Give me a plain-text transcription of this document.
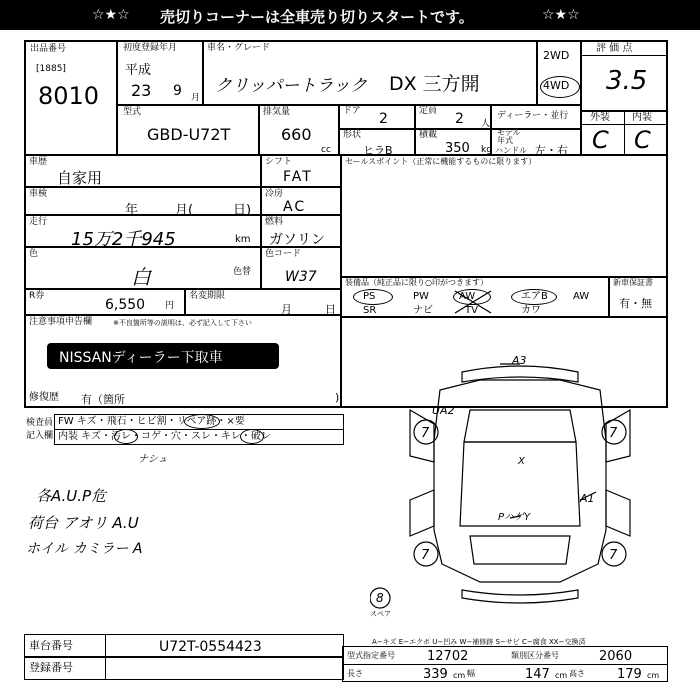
☆★☆ 売切りコーナーは全車売り切りスタートです。	☆★☆
出品番号
[1885]
8010
初度登録年月
平成
23 9 月
車名・グレード
クリッパートラック DX 三方開
2WD
4WD
評 価 点
3.5
型式
GBD-U72T
排気量
660
cc
ドア 2	定員 2 人
ディーラー・並行 外装 内装
C C
形状
ヒラB
積載
350 kg
モデル
年式
ハンドル 左・右
車歴
自家用
シフト
FAT
セールスポイント（正常に機能するものに限ります）
車検
年	月(	日)
冷房
AC
走行
15万2千945	km
燃料
ガソリン
色
白	色替
色コード
W37	装備品（純正品に限り○印がつきます）
PS	PW	AW	エアB	AW
SR	ナビ	TV	カワ
新車保証書
有・無
R券
6,550 円
名変期限
月	日
注意事項申告欄	※不良箇所等の説明は、必ず記入して下さい
NISSANディーラー下取車
修復歴 有（箇所	)
検査員
記入欄
FW キズ・飛石・ヒビ割・リペア跡・×要
内装 キズ・汚レ・コゲ・穴・スレ・キレ・破レ
ナシュ
各A.U.P危
荷台 アオリ A.U
ホイル カミラー A
A3
UA2
A1
PハゲY
X
7	7
7	7
8
スペア
A−キズ E−エクボ U−凹み W−補修跡 S−サビ C−腐食 XX−交換済
車台番号	U72T-0554423
登録番号
型式指定番号 12702	類別区分番号	2060
長さ	339 cm 幅	147 cm 高さ 179 cm
